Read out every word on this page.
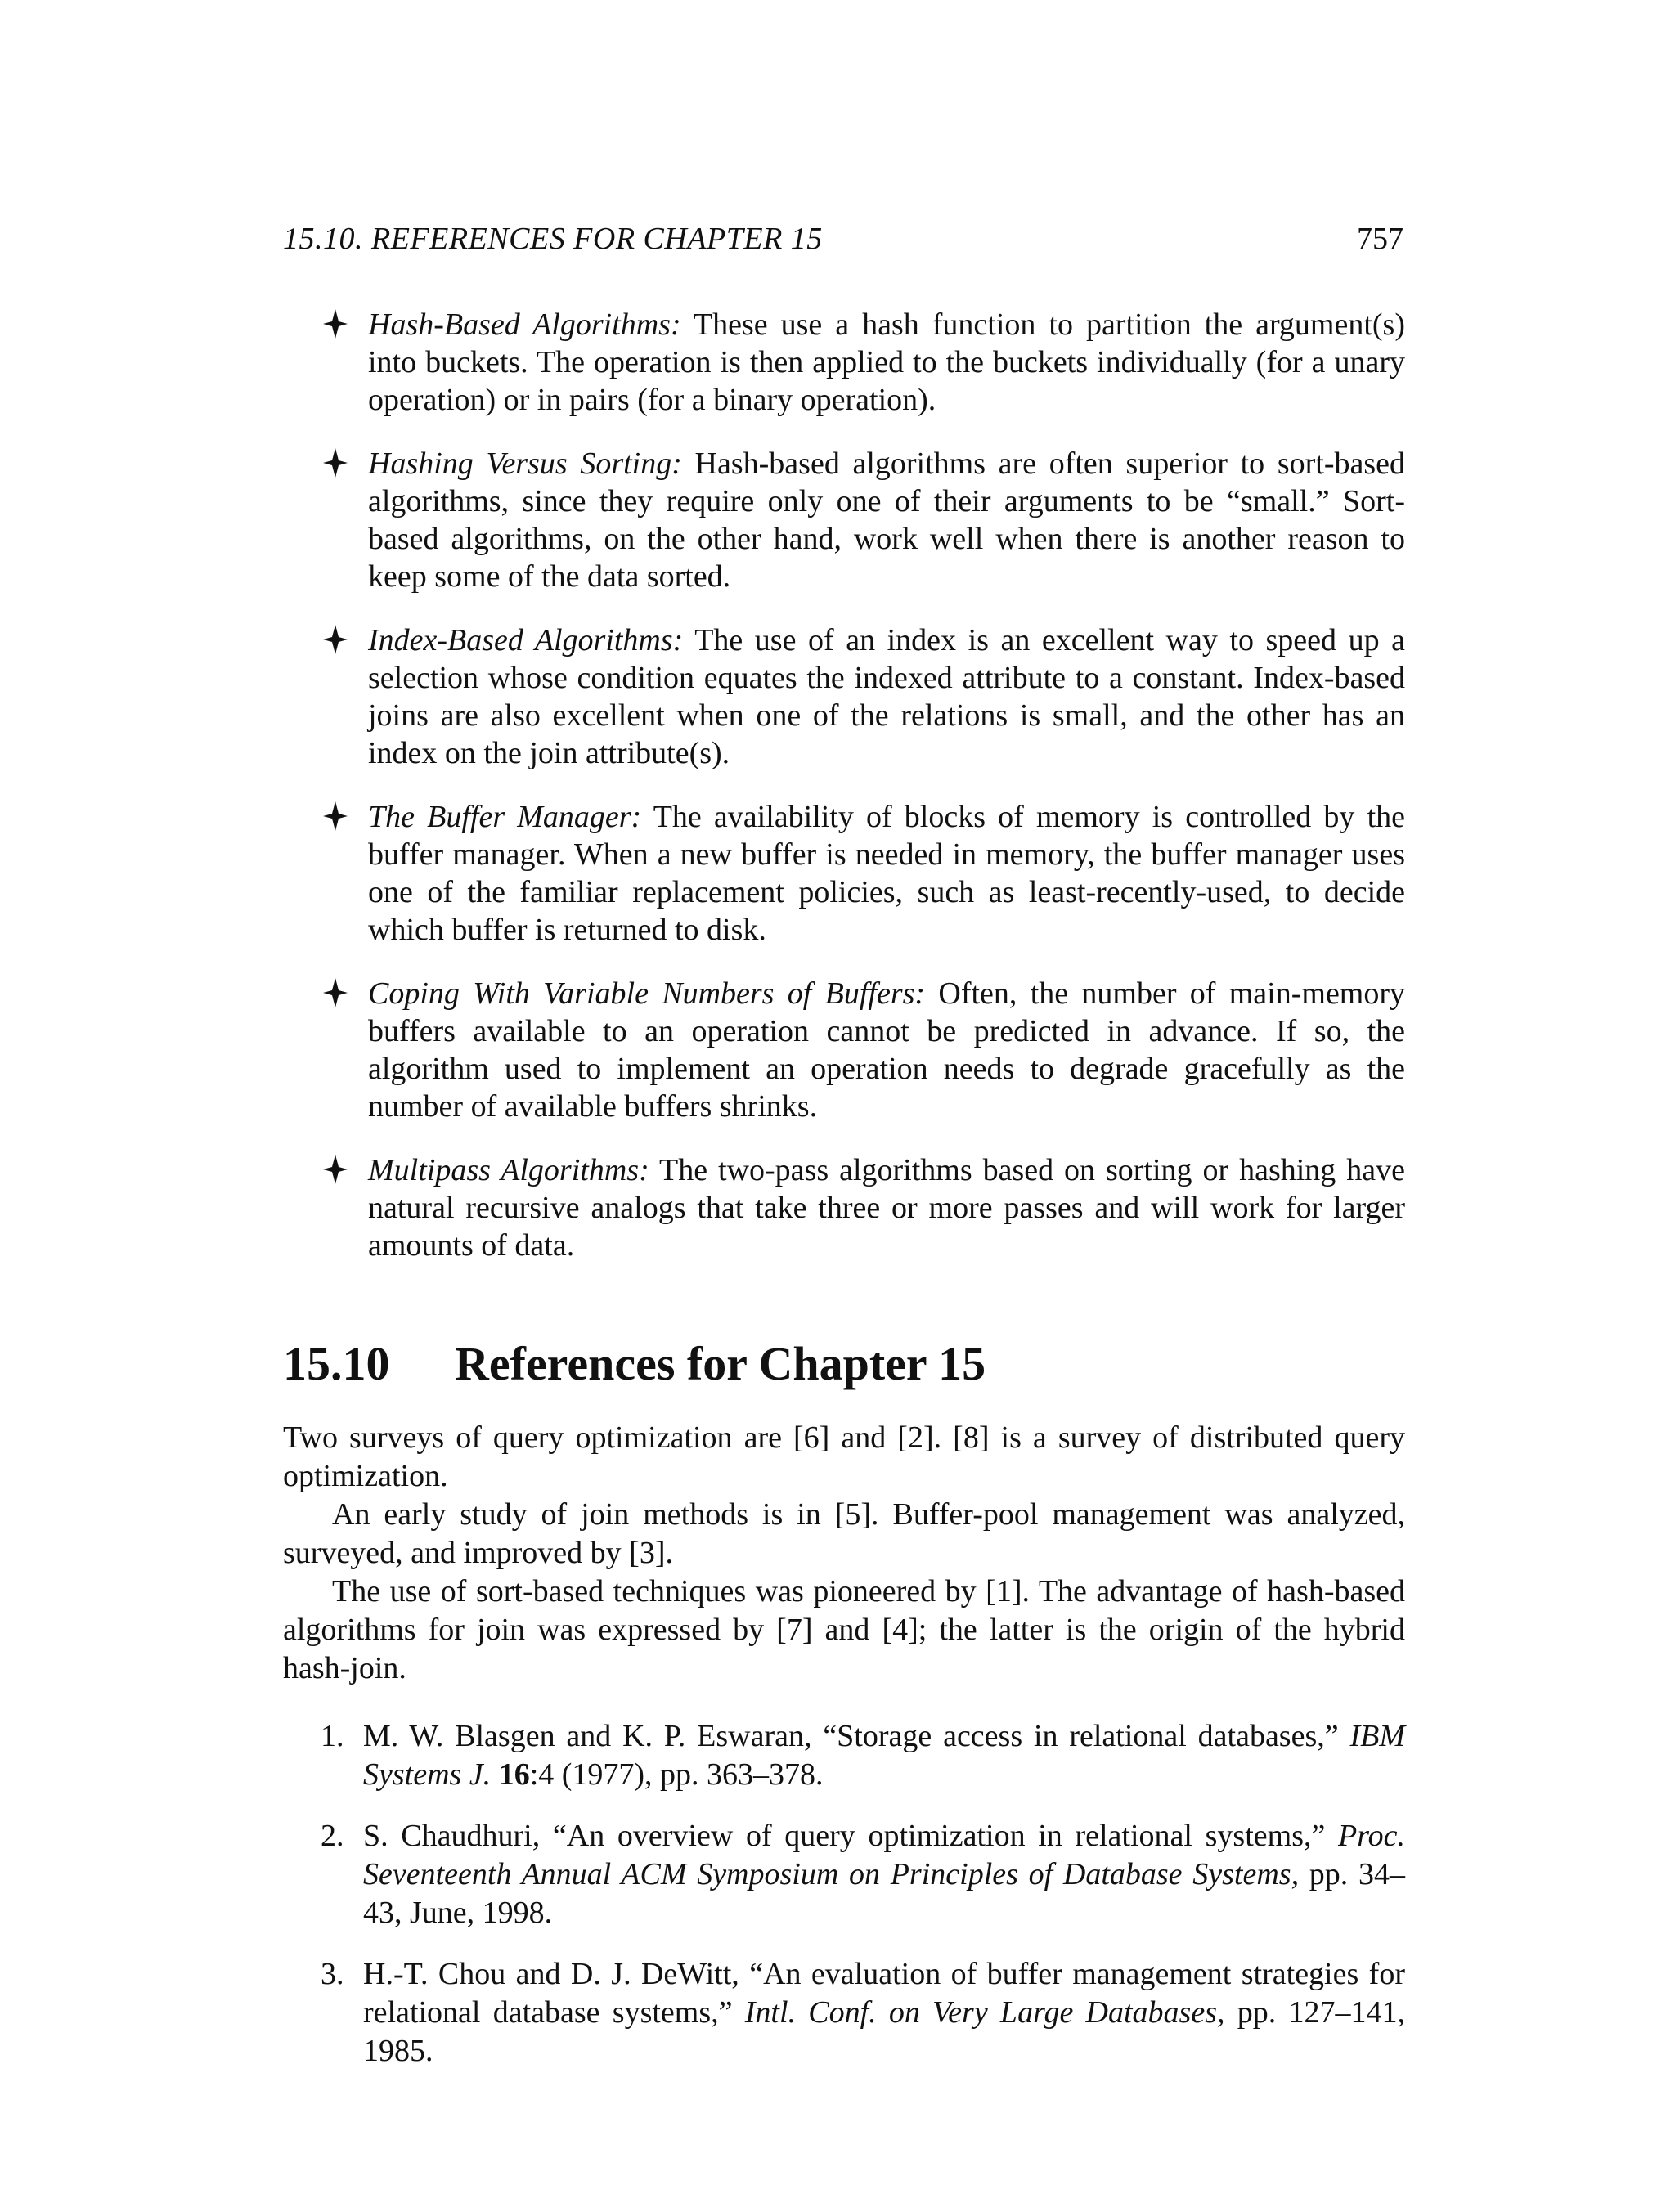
15.10. REFERENCES FOR CHAPTER 15	757
Hash-Based Algorithms: These use a hash function to partition the argument(s) into buckets. The operation is then applied to the buckets individually (for a unary operation) or in pairs (for a binary operation).
Hashing Versus Sorting: Hash-based algorithms are often superior to sort-based algorithms, since they require only one of their arguments to be “small.” Sort-based algorithms, on the other hand, work well when there is another reason to keep some of the data sorted.
Index-Based Algorithms: The use of an index is an excellent way to speed up a selection whose condition equates the indexed attribute to a constant. Index-based joins are also excellent when one of the relations is small, and the other has an index on the join attribute(s).
The Buffer Manager: The availability of blocks of memory is controlled by the buffer manager. When a new buffer is needed in memory, the buffer manager uses one of the familiar replacement policies, such as least-recently-used, to decide which buffer is returned to disk.
Coping With Variable Numbers of Buffers: Often, the number of main-memory buffers available to an operation cannot be predicted in advance. If so, the algorithm used to implement an operation needs to degrade gracefully as the number of available buffers shrinks.
Multipass Algorithms: The two-pass algorithms based on sorting or hashing have natural recursive analogs that take three or more passes and will work for larger amounts of data.
15.10 References for Chapter 15

Two surveys of query optimization are [6] and [2]. [8] is a survey of distributed query optimization.

An early study of join methods is in [5]. Buffer-pool management was analyzed, surveyed, and improved by [3].

The use of sort-based techniques was pioneered by [1]. The advantage of hash-based algorithms for join was expressed by [7] and [4]; the latter is the origin of the hybrid hash-join.

1. M. W. Blasgen and K. P. Eswaran, “Storage access in relational databases,” IBM Systems J. 16:4 (1977), pp. 363–378.
2. S. Chaudhuri, “An overview of query optimization in relational systems,” Proc. Seventeenth Annual ACM Symposium on Principles of Database Systems, pp. 34–43, June, 1998.
3. H.-T. Chou and D. J. DeWitt, “An evaluation of buffer management strategies for relational database systems,” Intl. Conf. on Very Large Databases, pp. 127–141, 1985.
